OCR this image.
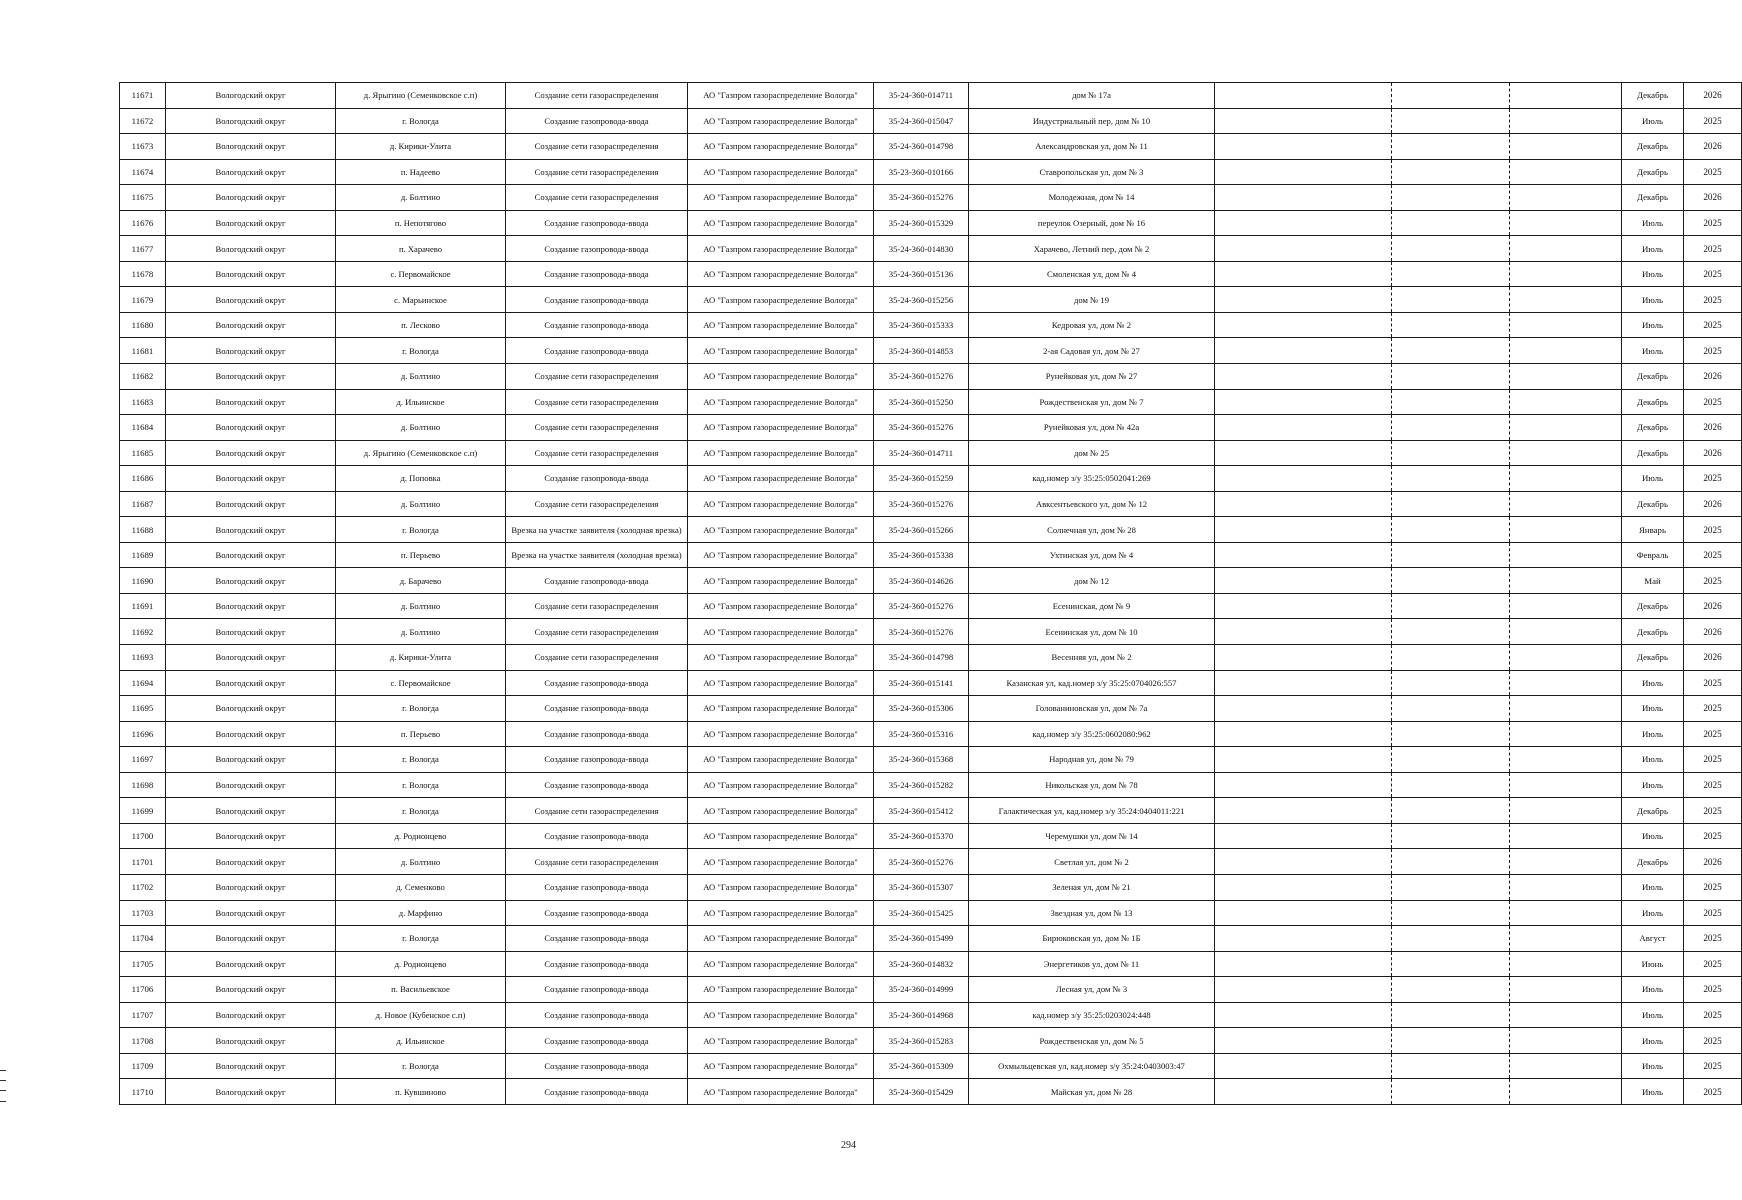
11671	Вологодский округ	д. Ярыгино (Семенковское с.п)	Создание сети газораспределения	АО "Газпром газораспределение Вологда"	35-24-360-014711	дом № 17а				Декабрь	2026
11672	Вологодский округ	г. Вологда	Создание газопровода-ввода	АО "Газпром газораспределение Вологда"	35-24-360-015047	Индустриальный пер, дом № 10				Июль	2025
11673	Вологодский округ	д. Кирики-Улита	Создание сети газораспределения	АО "Газпром газораспределение Вологда"	35-24-360-014798	Александровская ул, дом № 11				Декабрь	2026
11674	Вологодский округ	п. Надеево	Создание сети газораспределения	АО "Газпром газораспределение Вологда"	35-23-360-010166	Ставропольская ул, дом № 3				Декабрь	2025
11675	Вологодский округ	д. Болтино	Создание сети газораспределения	АО "Газпром газораспределение Вологда"	35-24-360-015276	Молодежная, дом № 14				Декабрь	2026
11676	Вологодский округ	п. Непотягово	Создание газопровода-ввода	АО "Газпром газораспределение Вологда"	35-24-360-015329	переулок Озерный, дом № 16				Июль	2025
11677	Вологодский округ	п. Харачево	Создание газопровода-ввода	АО "Газпром газораспределение Вологда"	35-24-360-014830	Харачево, Летний пер, дом № 2				Июль	2025
11678	Вологодский округ	с. Первомайское	Создание газопровода-ввода	АО "Газпром газораспределение Вологда"	35-24-360-015136	Смоленская ул, дом № 4				Июль	2025
11679	Вологодский округ	с. Марьинское	Создание газопровода-ввода	АО "Газпром газораспределение Вологда"	35-24-360-015256	дом № 19				Июль	2025
11680	Вологодский округ	п. Лесково	Создание газопровода-ввода	АО "Газпром газораспределение Вологда"	35-24-360-015333	Кедровая ул, дом № 2				Июль	2025
11681	Вологодский округ	г. Вологда	Создание газопровода-ввода	АО "Газпром газораспределение Вологда"	35-24-360-014853	2-ая Садовая ул, дом № 27				Июль	2025
11682	Вологодский округ	д. Болтино	Создание сети газораспределения	АО "Газпром газораспределение Вологда"	35-24-360-015276	Рунейковая ул, дом № 27				Декабрь	2026
11683	Вологодский округ	д. Ильинское	Создание сети газораспределения	АО "Газпром газораспределение Вологда"	35-24-360-015250	Рождественская ул, дом № 7				Декабрь	2025
11684	Вологодский округ	д. Болтино	Создание сети газораспределения	АО "Газпром газораспределение Вологда"	35-24-360-015276	Рунейковая ул, дом № 42а				Декабрь	2026
11685	Вологодский округ	д. Ярыгино (Семенковское с.п)	Создание сети газораспределения	АО "Газпром газораспределение Вологда"	35-24-360-014711	дом № 25				Декабрь	2026
11686	Вологодский округ	д. Поповка	Создание газопровода-ввода	АО "Газпром газораспределение Вологда"	35-24-360-015259	кад.номер з/у 35:25:0502041:269				Июль	2025
11687	Вологодский округ	д. Болтино	Создание сети газораспределения	АО "Газпром газораспределение Вологда"	35-24-360-015276	Авксентьевского ул, дом № 12				Декабрь	2026
11688	Вологодский округ	г. Вологда	Врезка на участке заявителя (холодная врезка)	АО "Газпром газораспределение Вологда"	35-24-360-015266	Солнечная ул, дом № 28				Январь	2025
11689	Вологодский округ	п. Перьево	Врезка на участке заявителя (холодная врезка)	АО "Газпром газораспределение Вологда"	35-24-360-015338	Ухтинская ул, дом № 4				Февраль	2025
11690	Вологодский округ	д. Барачево	Создание газопровода-ввода	АО "Газпром газораспределение Вологда"	35-24-360-014626	дом № 12				Май	2025
11691	Вологодский округ	д. Болтино	Создание сети газораспределения	АО "Газпром газораспределение Вологда"	35-24-360-015276	Есенинская, дом № 9				Декабрь	2026
11692	Вологодский округ	д. Болтино	Создание сети газораспределения	АО "Газпром газораспределение Вологда"	35-24-360-015276	Есенинская ул, дом № 10				Декабрь	2026
11693	Вологодский округ	д. Кирики-Улита	Создание сети газораспределения	АО "Газпром газораспределение Вологда"	35-24-360-014798	Весенняя ул, дом № 2				Декабрь	2026
11694	Вологодский округ	с. Первомайское	Создание газопровода-ввода	АО "Газпром газораспределение Вологда"	35-24-360-015141	Казанская ул, кад.номер з/у 35:25:0704026:557				Июль	2025
11695	Вологодский округ	г. Вологда	Создание газопровода-ввода	АО "Газпром газораспределение Вологда"	35-24-360-015306	Голованиновская ул, дом № 7а				Июль	2025
11696	Вологодский округ	п. Перьево	Создание газопровода-ввода	АО "Газпром газораспределение Вологда"	35-24-360-015316	кад.номер з/у 35:25:0602080:962				Июль	2025
11697	Вологодский округ	г. Вологда	Создание газопровода-ввода	АО "Газпром газораспределение Вологда"	35-24-360-015368	Народная ул, дом № 79				Июль	2025
11698	Вологодский округ	г. Вологда	Создание газопровода-ввода	АО "Газпром газораспределение Вологда"	35-24-360-015282	Никольская ул, дом № 78				Июль	2025
11699	Вологодский округ	г. Вологда	Создание сети газораспределения	АО "Газпром газораспределение Вологда"	35-24-360-015412	Галактическая ул, кад.номер з/у 35:24:0404011:221				Декабрь	2025
11700	Вологодский округ	д. Родионцево	Создание газопровода-ввода	АО "Газпром газораспределение Вологда"	35-24-360-015370	Черемушки ул, дом № 14				Июль	2025
11701	Вологодский округ	д. Болтино	Создание сети газораспределения	АО "Газпром газораспределение Вологда"	35-24-360-015276	Светлая ул, дом № 2				Декабрь	2026
11702	Вологодский округ	д. Семенково	Создание газопровода-ввода	АО "Газпром газораспределение Вологда"	35-24-360-015307	Зеленая ул, дом № 21				Июль	2025
11703	Вологодский округ	д. Марфино	Создание газопровода-ввода	АО "Газпром газораспределение Вологда"	35-24-360-015425	Звездная ул, дом № 13				Июль	2025
11704	Вологодский округ	г. Вологда	Создание газопровода-ввода	АО "Газпром газораспределение Вологда"	35-24-360-015499	Бирюковская ул, дом № 1Б				Август	2025
11705	Вологодский округ	д. Родионцево	Создание газопровода-ввода	АО "Газпром газораспределение Вологда"	35-24-360-014832	Энергетиков ул, дом № 11				Июнь	2025
11706	Вологодский округ	п. Васильевское	Создание газопровода-ввода	АО "Газпром газораспределение Вологда"	35-24-360-014999	Лесная ул, дом № 3				Июль	2025
11707	Вологодский округ	д. Новое (Кубенское с.п)	Создание газопровода-ввода	АО "Газпром газораспределение Вологда"	35-24-360-014968	кад.номер з/у 35:25:0203024:448				Июль	2025
11708	Вологодский округ	д. Ильинское	Создание газопровода-ввода	АО "Газпром газораспределение Вологда"	35-24-360-015283	Рождественская ул, дом № 5				Июль	2025
11709	Вологодский округ	г. Вологда	Создание газопровода-ввода	АО "Газпром газораспределение Вологда"	35-24-360-015309	Охмыльцевская ул, кад.номер з/у 35:24:0403003:47				Июль	2025
11710	Вологодский округ	п. Кувшиново	Создание газопровода-ввода	АО "Газпром газораспределение Вологда"	35-24-360-015429	Майская ул, дом № 28				Июль	2025
294
